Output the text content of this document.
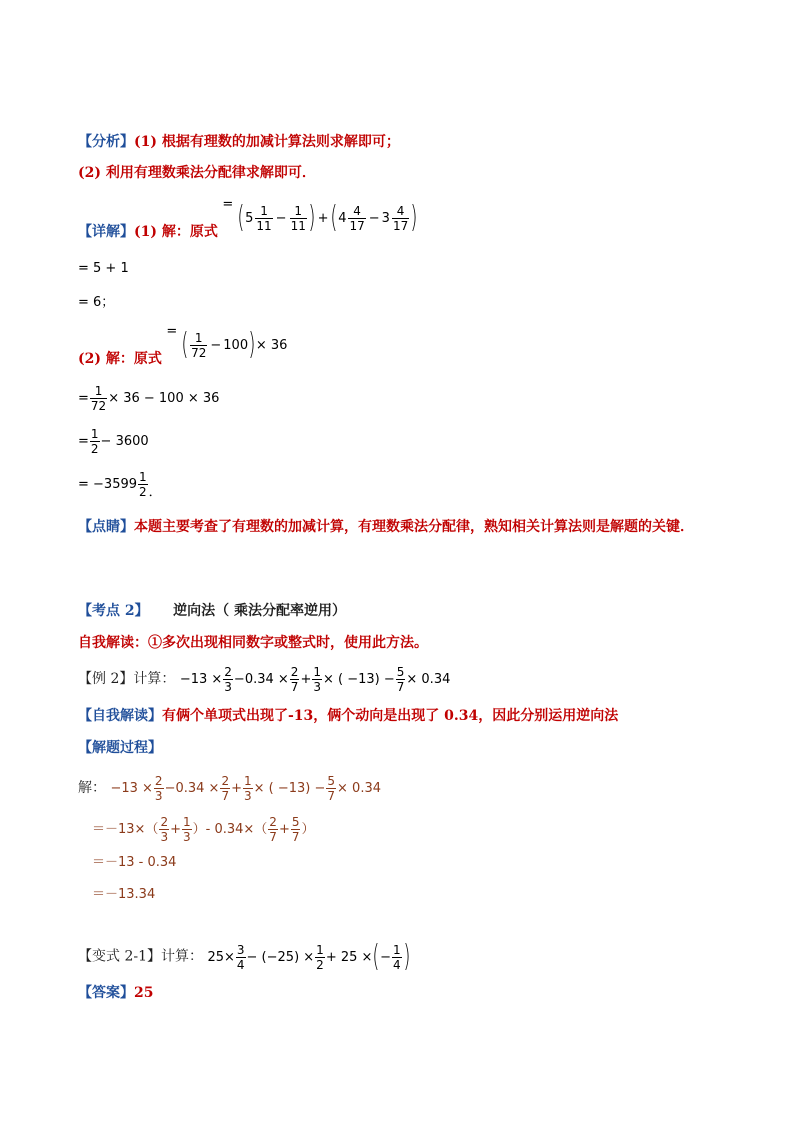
【分析】(1) 根据有理数的加减计算法则求解即可；
(2) 利用有理数乘法分配律求解即可．
【详解】(1) 解：原式 = ($5 \frac{1}{11} - \frac{1}{11}$ ) $+(4 \frac{4}{17} - 3 \frac{4}{17}$ )
= 5 + 1
= 6；
(2) 解：原式 = ( $\frac{1}{72} - 100)\times 36$
= $\frac{1}{72} \times 36 - 100 \times 36$
= $\frac{1}{2} - 3600$
= $-3599 \frac{1}{2}$ ．
【点睛】本题主要考查了有理数的加减计算，有理数乘法分配律，熟知相关计算法则是解题的关键．
【考点 2】 逆向法（ 乘法分配率逆用）
自我解读：①多次出现相同数字或整式时，使用此方法。
【例 2】计算： $-13 \times \frac{2}{3} -0.34 \times \frac{2}{7} + \frac{1}{3}$ × ( $-13) - \frac{5}{7} \times 0.34$
【自我解读】有俩个单项式出现了-13，俩个动向是出现了 0.34，因此分别运用逆向法
【解题过程】
解： $-13 \times \frac{2}{3} -0.34 \times \frac{2}{7} + \frac{1}{3}$ × ( $-13) - \frac{5}{7} \times 0.34$
$=-13\times( \frac{2}{3} + \frac{1}{3}$ ）- $0.34\times( \frac{2}{7} + \frac{5}{7}$ ）
＝－13 - 0.34
＝－13.34
【变式 2-1】计算： $25\times \frac{3}{4} - (-25) \times \frac{1}{2} + 25$ ×(− $\frac{1}{4}$ )
【答案】25
